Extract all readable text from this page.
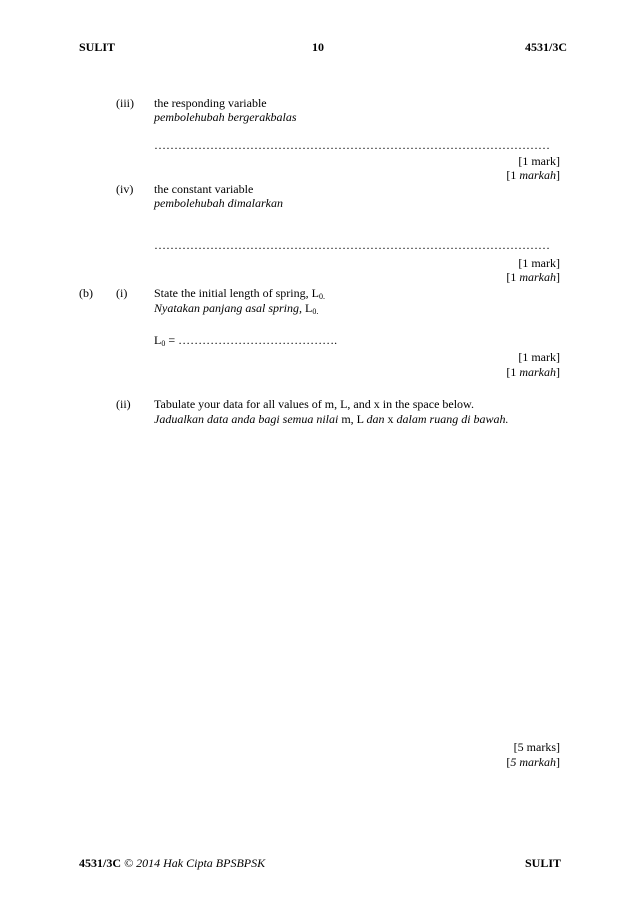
SULIT	10	4531/3C
(iii) the responding variable
pembolehubah bergerakbalas
………………………………………………………………………………………
[1 mark]
[1 markah]
(iv) the constant variable
pembolehubah dimalarkan
………………………………………………………………………………………
[1 mark]
[1 markah]
(b) (i) State the initial length of spring, $L_{0.}$
Nyatakan panjang asal spring, $L_{0.}$
$L_0$ = ………………………………….
[1 mark]
[1 markah]
(ii) Tabulate your data for all values of m, L, and x in the space below.
Jadualkan data anda bagi semua nilai m, L dan x dalam ruang di bawah.
[5 marks]
[5 markah]
4531/3C © 2014 Hak Cipta BPSBPSK	SULIT
